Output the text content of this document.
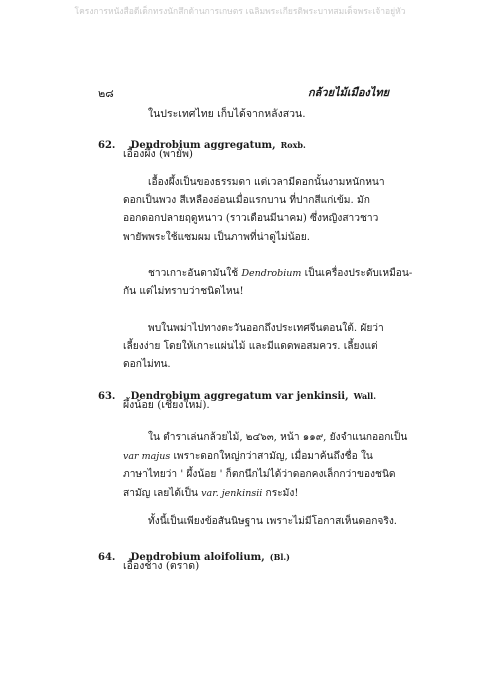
โครงการหนังสือดีเด็กทรงนักสึกด้านการเกษตร เฉลิมพระเกียรติพระบาทสมเด็จพระเจ้าอยู่หัว
๒๘	กล้วยไม้เมืองไทย
ในประเทศไทย เก็บได้จากหลังสวน.
62. Dendrobium aggregatum, Roxb.
เอื้องผึ้ง (พายัพ)
เอื้องผึ้งเป็นของธรรมดา แต่เวลามีดอกนั้นงามหนักหนา
ดอกเป็นพวง สีเหลืองอ่อนเมื่อแรกบาน ที่ปากสีแก่เข้ม. มัก
ออกดอกปลายฤดูหนาว (ราวเดือนมีนาคม) ซึ่งหญิงสาวชาว
พายัพพระใช้แซมผม เป็นภาพที่น่าดูไม่น้อย.
ชาวเกาะอันดามันใช้ Dendrobium เป็นเครื่องประดับเหมือน-
กัน แต่ไม่ทราบว่าชนิดไหน!
พบในพม่าไปทางตะวันออกถึงประเทศจีนตอนใต้. ผัยว่า
เลี้ยงง่าย โดยให้เกาะแผ่นไม้ และมีแดดพอสมควร. เลี้ยงแต่
ดอกไม่ทน.
63. Dendrobium aggregatum var jenkinsii, Wall.
ผึ้งน้อย (เชียงใหม่).
ใน ตำราเล่นกล้วยไม้, ๒๔๖๓, หน้า ๑๑๙, ยังจำแนกออกเป็น
var majus เพราะดอกใหญ่กว่าสามัญ, เมื่อมาค้นถึงชื่อ ใน
ภาษาไทยว่า ' ผึ้งน้อย ' ก็ตกนึกไม่ได้ว่าดอกคงเล็กกว่าของชนิด
สามัญ เลยได้เป็น var. jenkinsii กระมัง!
ทั้งนี้เป็นเพียงข้อสันนิษฐาน เพราะไม่มีโอกาสเห็นดอกจริง.
64. Dendrobium aloifolium, (Bl.)
เอื้องช้าง (ตราด)
